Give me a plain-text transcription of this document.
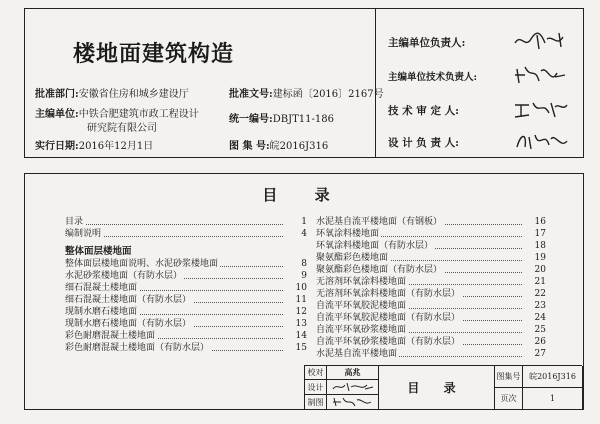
楼地面建筑构造
批准部门:安徽省住房和城乡建设厅	批准文号:建标函〔2016〕2167号
主编单位:中铁合肥建筑市政工程设计
研究院有限公司
统一编号:DBJT11-186
实行日期:2016年12月1日	图 集 号:皖2016J316
主编单位负责人:
主编单位技术负责人:
技 术 审 定 人:
设 计 负 责 人:
目 录
目录	1
编制说明	4
整体面层楼地面
整体面层楼地面说明、水泥砂浆楼地面	8
水泥砂浆楼地面（有防水层）	9
细石混凝土楼地面	10
细石混凝土楼地面（有防水层）	11
现制水磨石楼地面	12
现制水磨石楼地面（有防水层）	13
彩色耐磨混凝土楼地面	14
彩色耐磨混凝土楼地面（有防水层）	15
水泥基自流平楼地面（有钢板）	16
环氧涂料楼地面	17
环氧涂料楼地面（有防水层）	18
聚氨酯彩色楼地面	19
聚氨酯彩色楼地面（有防水层）	20
无溶剂环氧涂料楼地面	21
无溶剂环氧涂料楼地面（有防水层）	22
自流平环氧胶泥楼地面	23
自流平环氧胶泥楼地面（有防水层）	24
自流平环氧砂浆楼地面	25
自流平环氧砂浆楼地面（有防水层）	26
水泥基自流平楼地面	27
校对	高兆
设计
制图
目 录
图集号	皖2016J316
页次	1
